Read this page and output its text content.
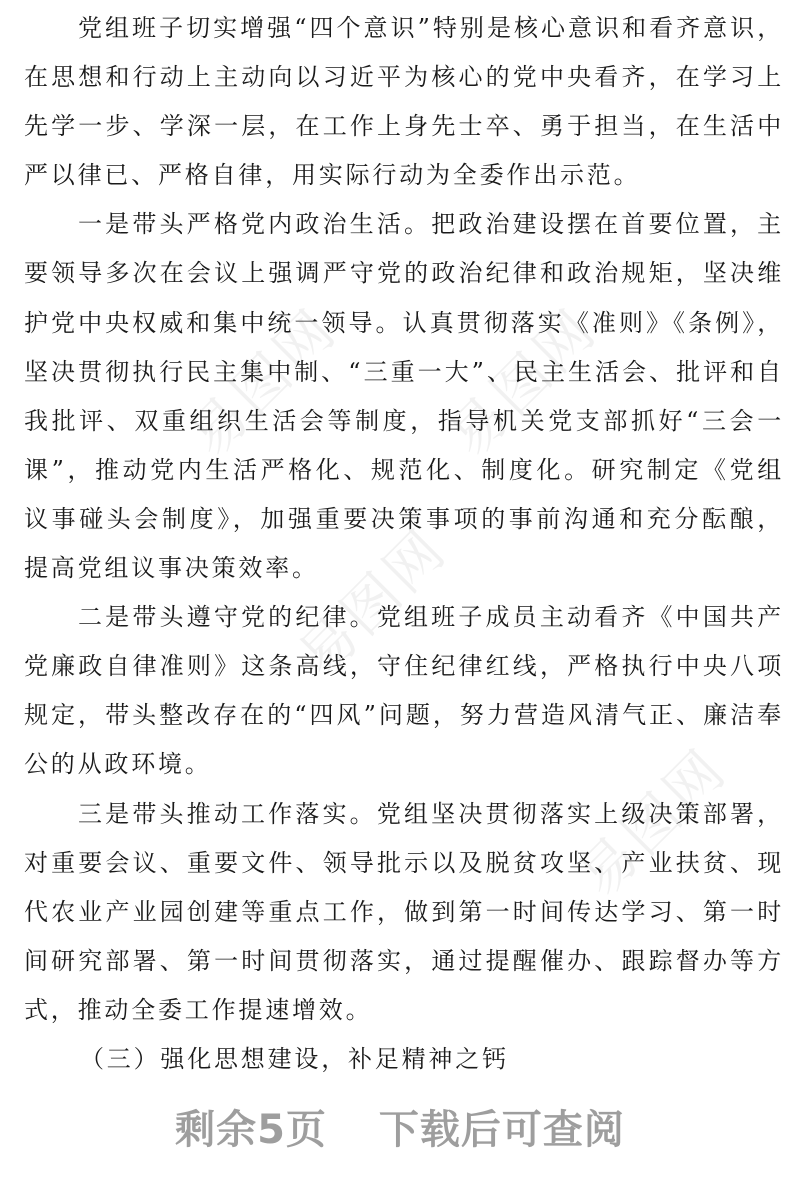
易图网 易图网
易图网
易图网

党组班子切实增强“四个意识”特别是核心意识和看齐意识，在思想和行动上主动向以习近平为核心的党中央看齐，在学习上先学一步、学深一层，在工作上身先士卒、勇于担当，在生活中严以律已、严格自律，用实际行动为全委作出示范。

一是带头严格党内政治生活。把政治建设摆在首要位置，主要领导多次在会议上强调严守党的政治纪律和政治规矩，坚决维护党中央权威和集中统一领导。认真贯彻落实《准则》《条例》，坚决贯彻执行民主集中制、“三重一大”、民主生活会、批评和自我批评、双重组织生活会等制度，指导机关党支部抓好“三会一课”，推动党内生活严格化、规范化、制度化。研究制定《党组议事碰头会制度》，加强重要决策事项的事前沟通和充分酝酿，提高党组议事决策效率。

二是带头遵守党的纪律。党组班子成员主动看齐《中国共产党廉政自律准则》这条高线，守住纪律红线，严格执行中央八项规定，带头整改存在的“四风”问题，努力营造风清气正、廉洁奉公的从政环境。

三是带头推动工作落实。党组坚决贯彻落实上级决策部署，对重要会议、重要文件、领导批示以及脱贫攻坚、产业扶贫、现代农业产业园创建等重点工作，做到第一时间传达学习、第一时间研究部署、第一时间贯彻落实，通过提醒催办、跟踪督办等方式，推动全委工作提速增效。

（三）强化思想建设，补足精神之钙

剩余5页 下载后可查阅
